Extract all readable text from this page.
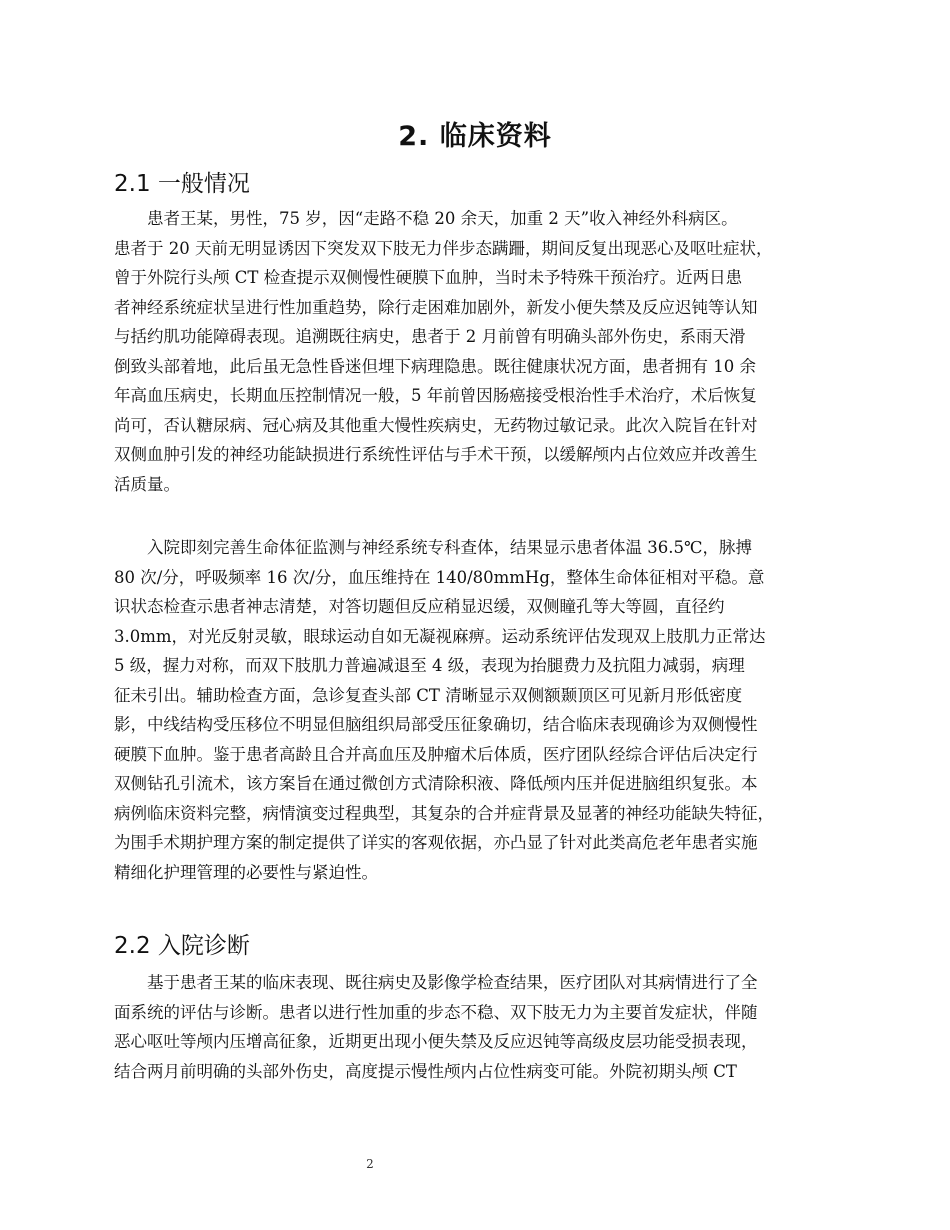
2. 临床资料
2.1 一般情况
　　患者王某，男性，75 岁，因“走路不稳 20 余天，加重 2 天”收入神经外科病区。
患者于 20 天前无明显诱因下突发双下肢无力伴步态蹒跚，期间反复出现恶心及呕吐症状，
曾于外院行头颅 CT 检查提示双侧慢性硬膜下血肿，当时未予特殊干预治疗。近两日患
者神经系统症状呈进行性加重趋势，除行走困难加剧外，新发小便失禁及反应迟钝等认知
与括约肌功能障碍表现。追溯既往病史，患者于 2 月前曾有明确头部外伤史，系雨天滑
倒致头部着地，此后虽无急性昏迷但埋下病理隐患。既往健康状况方面，患者拥有 10 余
年高血压病史，长期血压控制情况一般，5 年前曾因肠癌接受根治性手术治疗，术后恢复
尚可，否认糖尿病、冠心病及其他重大慢性疾病史，无药物过敏记录。此次入院旨在针对
双侧血肿引发的神经功能缺损进行系统性评估与手术干预，以缓解颅内占位效应并改善生
活质量。
　　入院即刻完善生命体征监测与神经系统专科查体，结果显示患者体温 36.5℃，脉搏
80 次/分，呼吸频率 16 次/分，血压维持在 140/80mmHg，整体生命体征相对平稳。意
识状态检查示患者神志清楚，对答切题但反应稍显迟缓，双侧瞳孔等大等圆，直径约
3.0mm，对光反射灵敏，眼球运动自如无凝视麻痹。运动系统评估发现双上肢肌力正常达
5 级，握力对称，而双下肢肌力普遍减退至 4 级，表现为抬腿费力及抗阻力减弱，病理
征未引出。辅助检查方面，急诊复查头部 CT 清晰显示双侧额颞顶区可见新月形低密度
影，中线结构受压移位不明显但脑组织局部受压征象确切，结合临床表现确诊为双侧慢性
硬膜下血肿。鉴于患者高龄且合并高血压及肿瘤术后体质，医疗团队经综合评估后决定行
双侧钻孔引流术，该方案旨在通过微创方式清除积液、降低颅内压并促进脑组织复张。本
病例临床资料完整，病情演变过程典型，其复杂的合并症背景及显著的神经功能缺失特征，
为围手术期护理方案的制定提供了详实的客观依据，亦凸显了针对此类高危老年患者实施
精细化护理管理的必要性与紧迫性。
2.2 入院诊断
　　基于患者王某的临床表现、既往病史及影像学检查结果，医疗团队对其病情进行了全
面系统的评估与诊断。患者以进行性加重的步态不稳、双下肢无力为主要首发症状，伴随
恶心呕吐等颅内压增高征象，近期更出现小便失禁及反应迟钝等高级皮层功能受损表现，
结合两月前明确的头部外伤史，高度提示慢性颅内占位性病变可能。外院初期头颅 CT
2
